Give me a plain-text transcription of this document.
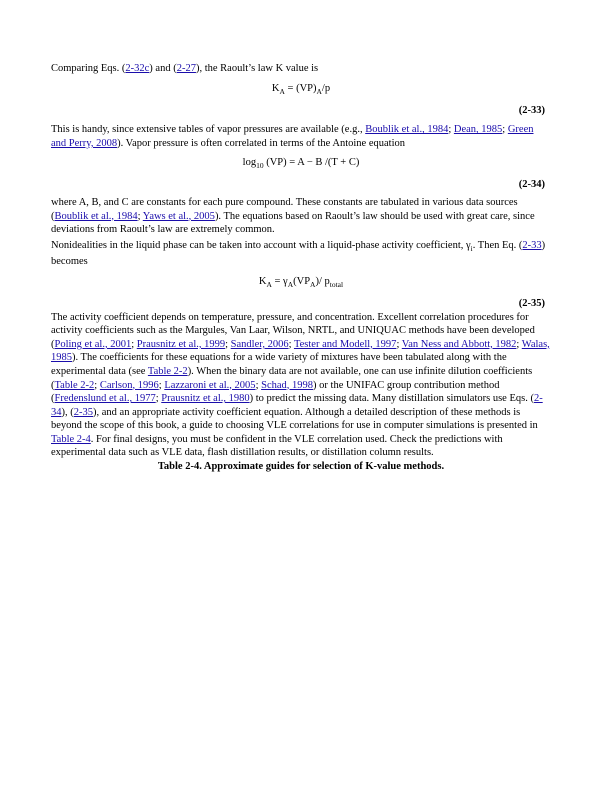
Comparing Eqs. (2-32c) and (2-27), the Raoult’s law K value is

$K_A = (VP)_A/p$
(2-33)

This is handy, since extensive tables of vapor pressures are available (e.g., Boublik et al., 1984; Dean, 1985; Green and Perry, 2008). Vapor pressure is often correlated in terms of the Antoine equation

$\log_{10} (VP) = A - B$ /(T + C)
(2-34)

where A, B, and C are constants for each pure compound. These constants are tabulated in various data sources (Boublik et al., 1984; Yaws et al., 2005). The equations based on Raoult’s law should be used with great care, since deviations from Raoult’s law are extremely common.

Nonidealities in the liquid phase can be taken into account with a liquid-phase activity coefficient, $\gamma_i$. Then Eq. (2-33) becomes

$K_A = \gamma_A(VP_A)/$ $p_{total}$
(2-35)

The activity coefficient depends on temperature, pressure, and concentration. Excellent correlation procedures for activity coefficients such as the Margules, Van Laar, Wilson, NRTL, and UNIQUAC methods have been developed (Poling et al., 2001; Prausnitz et al., 1999; Sandler, 2006; Tester and Modell, 1997; Van Ness and Abbott, 1982; Walas, 1985). The coefficients for these equations for a wide variety of mixtures have been tabulated along with the experimental data (see Table 2-2). When the binary data are not available, one can use infinite dilution coefficients (Table 2-2; Carlson, 1996; Lazzaroni et al., 2005; Schad, 1998) or the UNIFAC group contribution method (Fredenslund et al., 1977; Prausnitz et al., 1980) to predict the missing data. Many distillation simulators use Eqs. (2-34), (2-35), and an appropriate activity coefficient equation. Although a detailed description of these methods is beyond the scope of this book, a guide to choosing VLE correlations for use in computer simulations is presented in Table 2-4. For final designs, you must be confident in the VLE correlation used. Check the predictions with experimental data such as VLE data, flash distillation results, or distillation column results.

Table 2-4. Approximate guides for selection of K-value methods.
